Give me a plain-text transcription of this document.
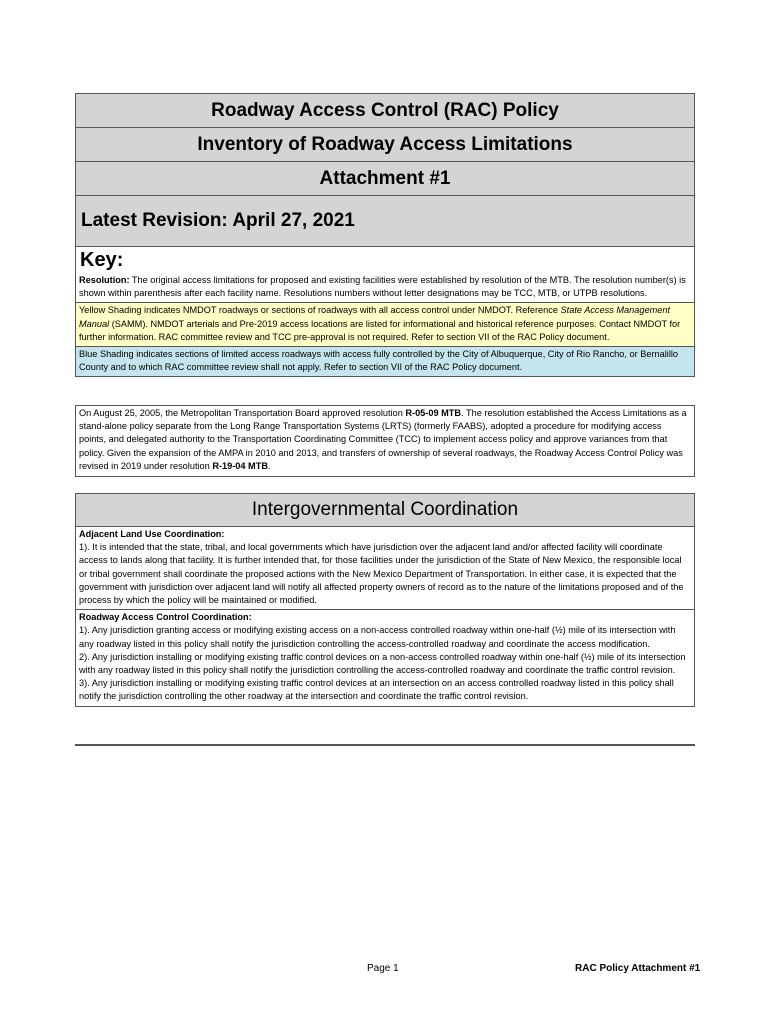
Roadway Access Control (RAC) Policy
Inventory of Roadway Access Limitations
Attachment #1
Latest Revision: April 27, 2021
Key:
Resolution: The original access limitations for proposed and existing facilities were established by resolution of the MTB. The resolution number(s) is shown within parenthesis after each facility name. Resolutions numbers without letter designations may be TCC, MTB, or UTPB resolutions.
Yellow Shading indicates NMDOT roadways or sections of roadways with all access control under NMDOT. Reference State Access Management Manual (SAMM). NMDOT arterials and Pre-2019 access locations are listed for informational and historical reference purposes. Contact NMDOT for further information. RAC committee review and TCC pre-approval is not required. Refer to section VII of the RAC Policy document.
Blue Shading indicates sections of limited access roadways with access fully controlled by the City of Albuquerque, City of Rio Rancho, or Bernalillo County and to which RAC committee review shall not apply. Refer to section VII of the RAC Policy document.
On August 25, 2005, the Metropolitan Transportation Board approved resolution R-05-09 MTB. The resolution established the Access Limitations as a stand-alone policy separate from the Long Range Transportation Systems (LRTS) (formerly FAABS), adopted a procedure for modifying access points, and delegated authority to the Transportation Coordinating Committee (TCC) to implement access policy and approve variances from that policy. Given the expansion of the AMPA in 2010 and 2013, and transfers of ownership of several roadways, the Roadway Access Control Policy was revised in 2019 under resolution R-19-04 MTB.
Intergovernmental Coordination
Adjacent Land Use Coordination:
1). It is intended that the state, tribal, and local governments which have jurisdiction over the adjacent land and/or affected facility will coordinate access to lands along that facility. It is further intended that, for those facilities under the jurisdiction of the State of New Mexico, the responsible local or tribal government shall coordinate the proposed actions with the New Mexico Department of Transportation. In either case, it is expected that the government with jurisdiction over adjacent land will notify all affected property owners of record as to the nature of the limitations proposed and of the process by which the policy will be maintained or modified.
Roadway Access Control Coordination:
1). Any jurisdiction granting access or modifying existing access on a non-access controlled roadway within one-half (½) mile of its intersection with any roadway listed in this policy shall notify the jurisdiction controlling the access-controlled roadway and coordinate the access modification.
2). Any jurisdiction installing or modifying existing traffic control devices on a non-access controlled roadway within one-half (½) mile of its intersection with any roadway listed in this policy shall notify the jurisdiction controlling the access-controlled roadway and coordinate the traffic control revision.
3). Any jurisdiction installing or modifying existing traffic control devices at an intersection on an access controlled roadway listed in this policy shall notify the jurisdiction controlling the other roadway at the intersection and coordinate the traffic control revision.
Page 1	RAC Policy Attachment #1
